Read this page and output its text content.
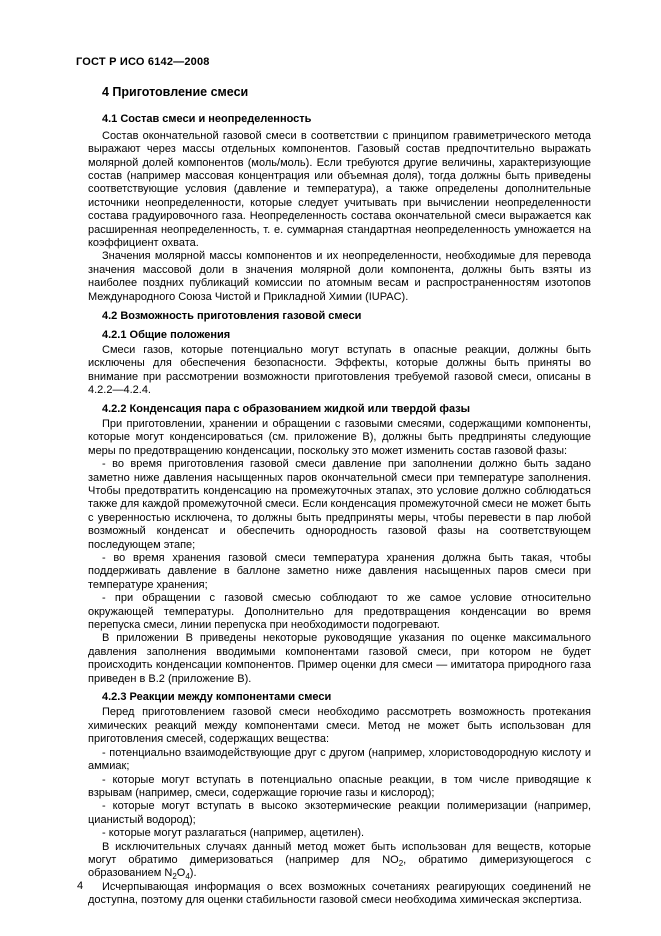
ГОСТ Р ИСО 6142—2008

4 Приготовление смеси

4.1 Состав смеси и неопределенность

Состав окончательной газовой смеси в соответствии с принципом гравиметрического метода выражают через массы отдельных компонентов. Газовый состав предпочтительно выражать молярной долей компонентов (моль/моль). Если требуются другие величины, характеризующие состав (например массовая концентрация или объемная доля), тогда должны быть приведены соответствующие условия (давление и температура), а также определены дополнительные источники неопределенности, которые следует учитывать при вычислении неопределенности состава градуировочного газа. Неопределенность состава окончательной смеси выражается как расширенная неопределенность, т. е. суммарная стандартная неопределенность умножается на коэффициент охвата.

Значения молярной массы компонентов и их неопределенности, необходимые для перевода значения массовой доли в значения молярной доли компонента, должны быть взяты из наиболее поздних публикаций комиссии по атомным весам и распространенностям изотопов Международного Союза Чистой и Прикладной Химии (IUPAC).

4.2 Возможность приготовления газовой смеси

4.2.1 Общие положения

Смеси газов, которые потенциально могут вступать в опасные реакции, должны быть исключены для обеспечения безопасности. Эффекты, которые должны быть приняты во внимание при рассмотрении возможности приготовления требуемой газовой смеси, описаны в 4.2.2—4.2.4.

4.2.2 Конденсация пара с образованием жидкой или твердой фазы

При приготовлении, хранении и обращении с газовыми смесями, содержащими компоненты, которые могут конденсироваться (см. приложение В), должны быть предприняты следующие меры по предотвращению конденсации, поскольку это может изменить состав газовой фазы:

- во время приготовления газовой смеси давление при заполнении должно быть задано заметно ниже давления насыщенных паров окончательной смеси при температуре заполнения. Чтобы предотвратить конденсацию на промежуточных этапах, это условие должно соблюдаться также для каждой промежуточной смеси. Если конденсация промежуточной смеси не может быть с уверенностью исключена, то должны быть предприняты меры, чтобы перевести в пар любой возможный конденсат и обеспечить однородность газовой фазы на соответствующем последующем этапе;

- во время хранения газовой смеси температура хранения должна быть такая, чтобы поддерживать давление в баллоне заметно ниже давления насыщенных паров смеси при температуре хранения;

- при обращении с газовой смесью соблюдают то же самое условие относительно окружающей температуры. Дополнительно для предотвращения конденсации во время перепуска смеси, линии перепуска при необходимости подогревают.

В приложении В приведены некоторые руководящие указания по оценке максимального давления заполнения вводимыми компонентами газовой смеси, при котором не будет происходить конденсации компонентов. Пример оценки для смеси — имитатора природного газа приведен в В.2 (приложение В).

4.2.3 Реакции между компонентами смеси

Перед приготовлением газовой смеси необходимо рассмотреть возможность протекания химических реакций между компонентами смеси. Метод не может быть использован для приготовления смесей, содержащих вещества:

- потенциально взаимодействующие друг с другом (например, хлористоводородную кислоту и аммиак;

- которые могут вступать в потенциально опасные реакции, в том числе приводящие к взрывам (например, смеси, содержащие горючие газы и кислород);

- которые могут вступать в высоко экзотермические реакции полимеризации (например, цианистый водород);

- которые могут разлагаться (например, ацетилен).

В исключительных случаях данный метод может быть использован для веществ, которые могут обратимо димеризоваться (например для $NO_2$, обратимо димеризующегося с образованием $N_2O_4$).

Исчерпывающая информация о всех возможных сочетаниях реагирующих соединений не доступна, поэтому для оценки стабильности газовой смеси необходима химическая экспертиза.

4
